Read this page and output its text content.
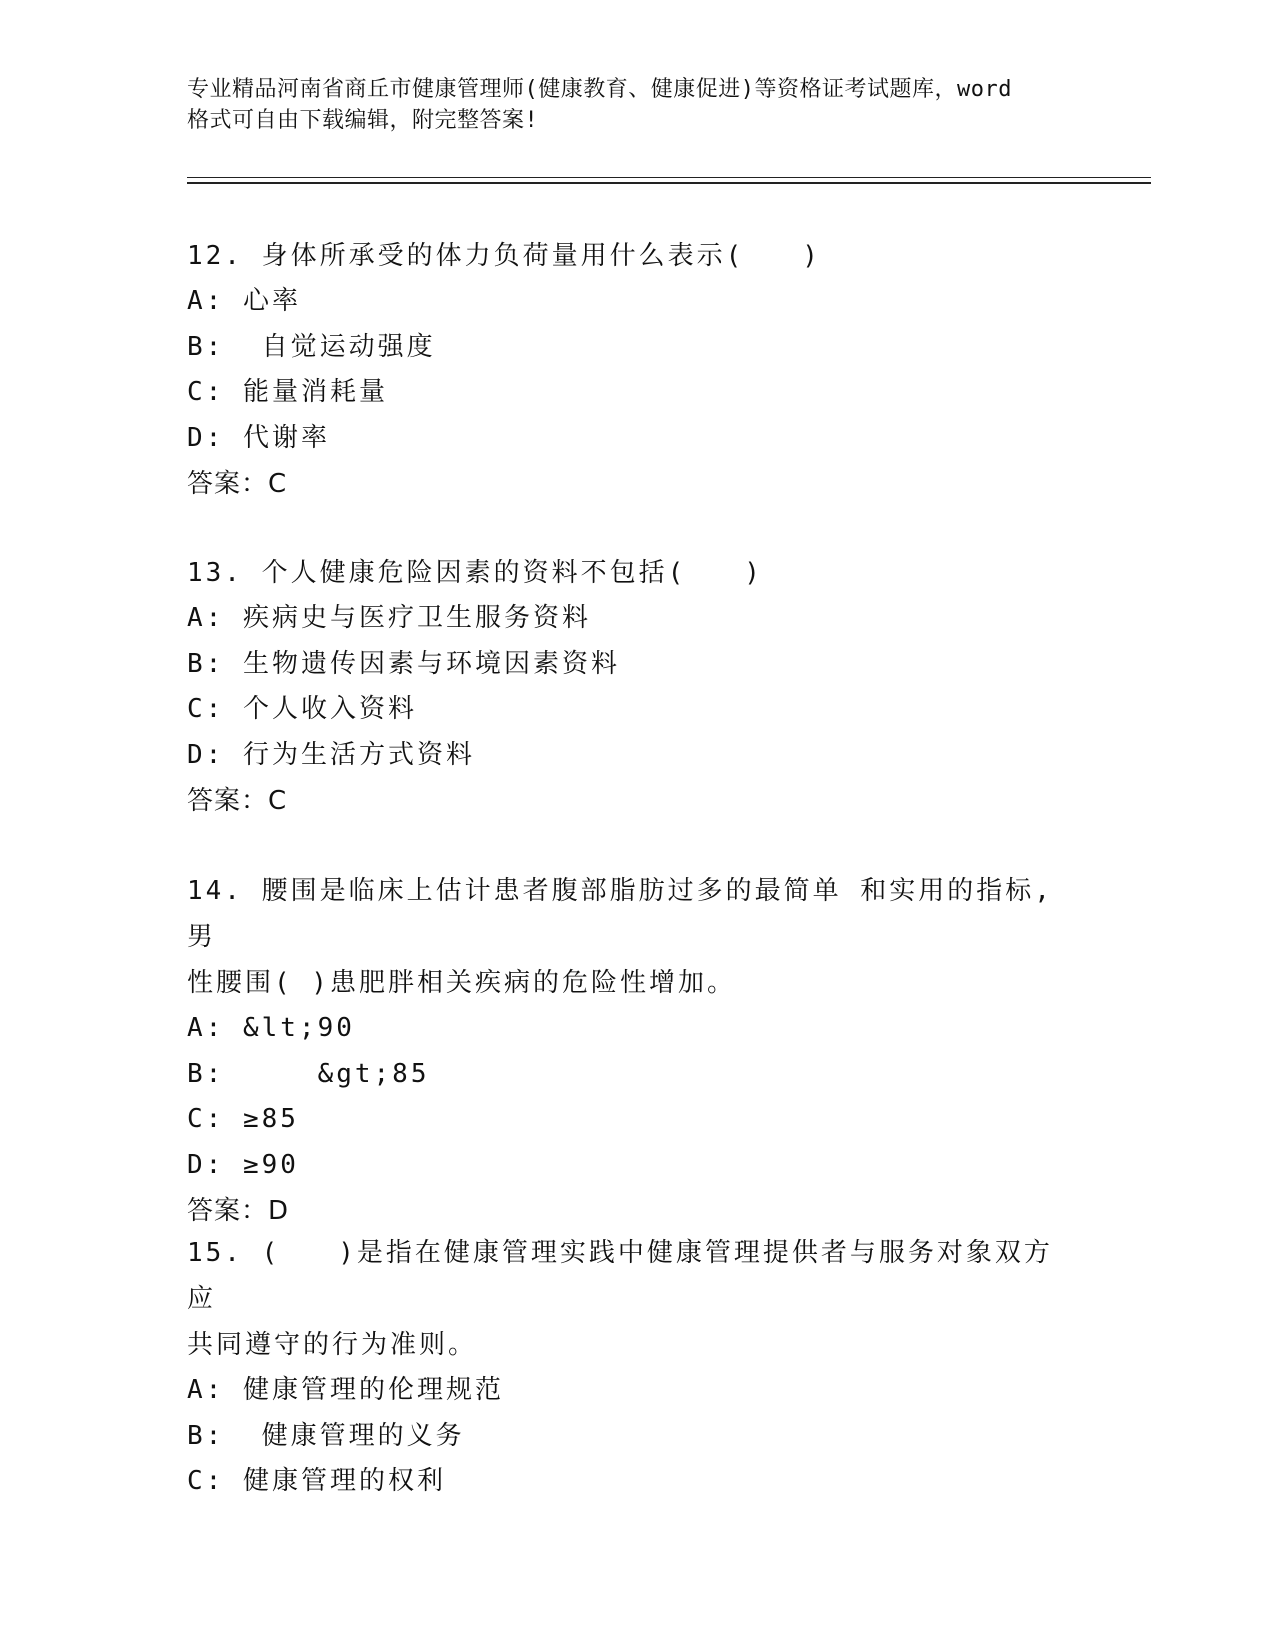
专业精品河南省商丘市健康管理师(健康教育、健康促进)等资格证考试题库，word

格式可自由下载编辑，附完整答案!

12. 身体所承受的体力负荷量用什么表示(　　)

A: 心率

B:  自觉运动强度

C: 能量消耗量

D: 代谢率

答案：C

13. 个人健康危险因素的资料不包括(　　)

A: 疾病史与医疗卫生服务资料

B: 生物遗传因素与环境因素资料

C: 个人收入资料

D: 行为生活方式资料

答案：C

14. 腰围是临床上估计患者腹部脂肪过多的最简单 和实用的指标,男

性腰围( )患肥胖相关疾病的危险性增加。

A: &lt;90

B:     &gt;85

C: ≥85

D: ≥90

答案：D

15. (　　)是指在健康管理实践中健康管理提供者与服务对象双方应

共同遵守的行为准则。

A: 健康管理的伦理规范

B:  健康管理的义务

C: 健康管理的权利
